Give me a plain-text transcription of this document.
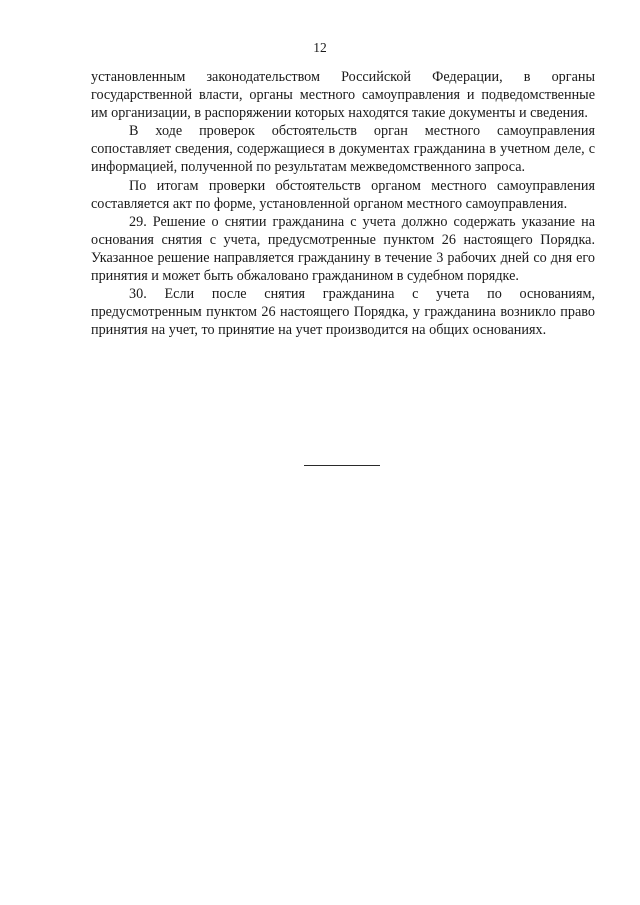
12

установленным законодательством Российской Федерации, в органы государственной власти, органы местного самоуправления и подведомственные им организации, в распоряжении которых находятся такие документы и сведения.

В ходе проверок обстоятельств орган местного самоуправления сопоставляет сведения, содержащиеся в документах гражданина в учетном деле, с информацией, полученной по результатам межведомственного запроса.

По итогам проверки обстоятельств органом местного самоуправления составляется акт по форме, установленной органом местного самоуправления.

29. Решение о снятии гражданина с учета должно содержать указание на основания снятия с учета, предусмотренные пунктом 26 настоящего Порядка. Указанное решение направляется гражданину в течение 3 рабочих дней со дня его принятия и может быть обжаловано гражданином в судебном порядке.

30. Если после снятия гражданина с учета по основаниям, предусмотренным пунктом 26 настоящего Порядка, у гражданина возникло право принятия на учет, то принятие на учет производится на общих основаниях.
